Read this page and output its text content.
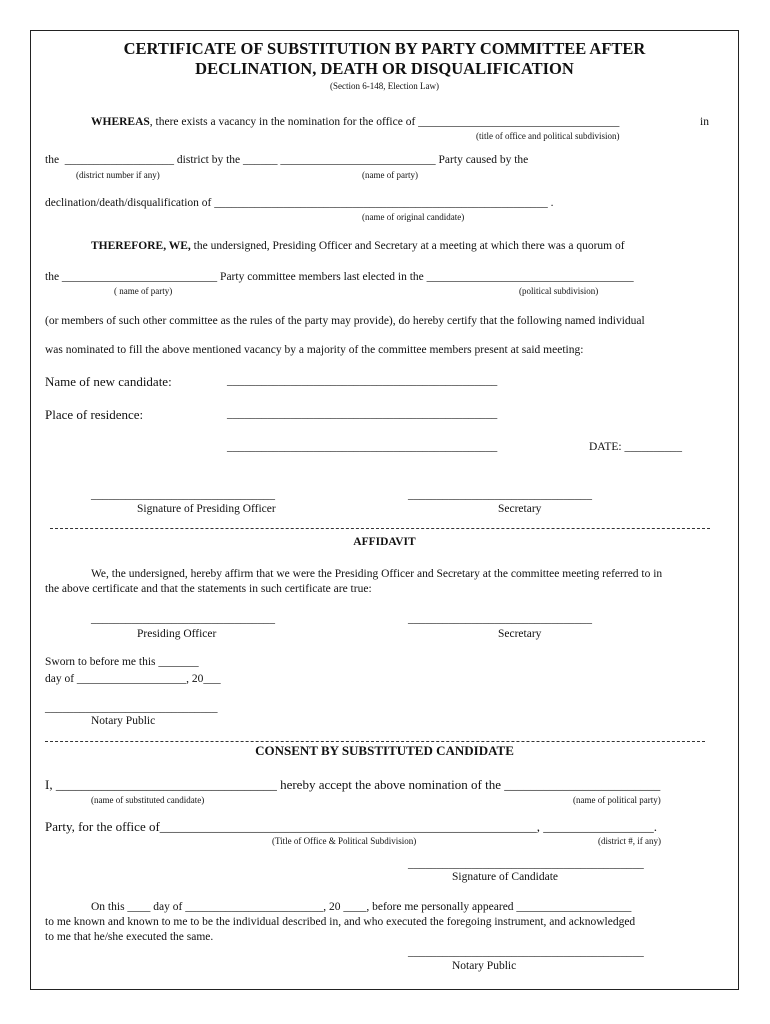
CERTIFICATE OF SUBSTITUTION BY PARTY COMMITTEE AFTER
DECLINATION, DEATH OR DISQUALIFICATION
(Section 6-148, Election Law)
WHEREAS, there exists a vacancy in the nomination for the office of ___________________________________	in
(title of office and political subdivision)
the  ___________________ district by the ______ ___________________________ Party caused by the
(district number if any)	(name of party)
declination/death/disqualification of __________________________________________________________ .
(name of original candidate)
THEREFORE, WE, the undersigned, Presiding Officer and Secretary at a meeting at which there was a quorum of
the ___________________________ Party committee members last elected in the ____________________________________
( name of party)	(political subdivision)
(or members of such other committee as the rules of the party may provide), do hereby certify that the following named individual
was nominated to fill the above mentioned vacancy by a majority of the committee members present at said meeting:
Name of new candidate:	_______________________________________________
Place of residence:	_______________________________________________
_______________________________________________	DATE: __________
________________________________	________________________________
Signature of Presiding Officer	Secretary
AFFIDAVIT
We, the undersigned, hereby affirm that we were the Presiding Officer and Secretary at the committee meeting referred to in
the above certificate and that the statements in such certificate are true:
________________________________	________________________________
Presiding Officer	Secretary
Sworn to before me this _______
day of ___________________, 20___
______________________________
Notary Public
CONSENT BY SUBSTITUTED CANDIDATE
I, __________________________________ hereby accept the above nomination of the ________________________
(name of substituted candidate)	(name of political party)
Party, for the office of__________________________________________________________, _________________.
(Title of Office & Political Subdivision)	(district #, if any)
_________________________________________
Signature of Candidate
On this ____ day of ________________________, 20 ____, before me personally appeared ____________________
to me known and known to me to be the individual described in, and who executed the foregoing instrument, and acknowledged
to me that he/she executed the same.
_________________________________________
Notary Public
